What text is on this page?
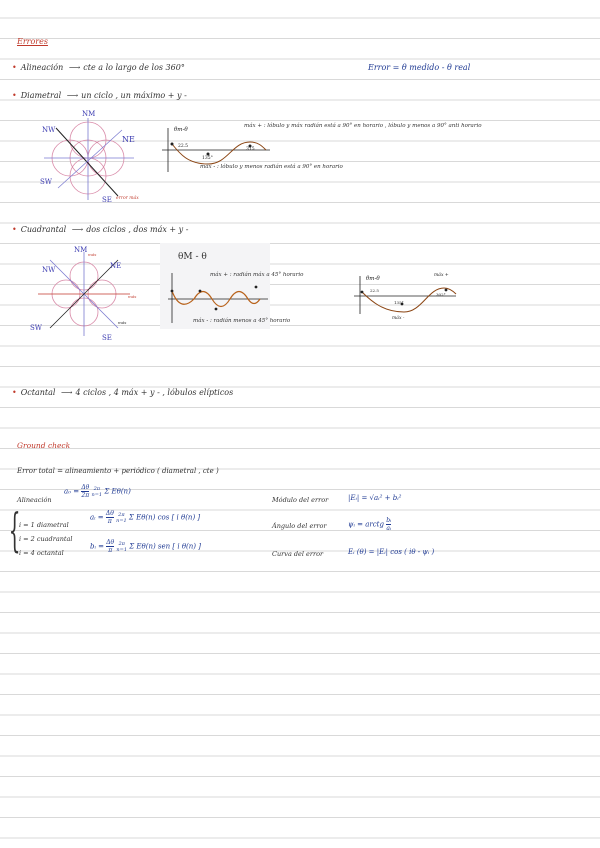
Errores
• Alineación ⟶ cte a lo largo de los 360°	Error = θ medido - θ real
• Diametral ⟶ un ciclo , un máximo + y -
NM
NE
NW
SW
SE error máx
θm-θ
22.5
135°
315
máx + : lóbulo y máx radián está a 90° en horario , lóbulo y menos a 90° anti horario
máx - : lóbulo y menos radián está a 90° en horario
• Cuadrantal ⟶ dos ciclos , dos máx + y -
NM
máx
NE
NW
SW
SE
máx
máx
θM - θ
máx + : radián máx a 45° horario
máx - : radián menos a 45° horario
θm-θ
máx +
máx -
22.5
135°
302°
• Octantal ⟶ 4 ciclos , 4 máx + y - , lóbulos elípticos
Ground check
Error total = alineamiento + periódico ( diametral , cte )
Alineación
$a_0 = \frac{\Delta\theta}{2\pi}$
2π
n=1 Σ Eθ(n)
{
i = 1 diametral
i = 2 cuadrantal
i = 4 octantal
aᵢ = $\frac{\Delta\theta}{\pi}$
2π
n=1 Σ Eθ(n) cos [ i θ(n) ]
bᵢ = $\frac{\Delta\theta}{\pi}$
2π
n=1 Σ Eθ(n) sen [ i θ(n) ]
Módulo del error	|Eᵢ| = √aᵢ² + bᵢ²
Ángulo del error	ψᵢ = arctg $\frac{\text{bᵢ}}{\text{aᵢ}}$
Curva del error	Eᵢ (θ) = |Eᵢ| cos ( iθ - ψᵢ )
